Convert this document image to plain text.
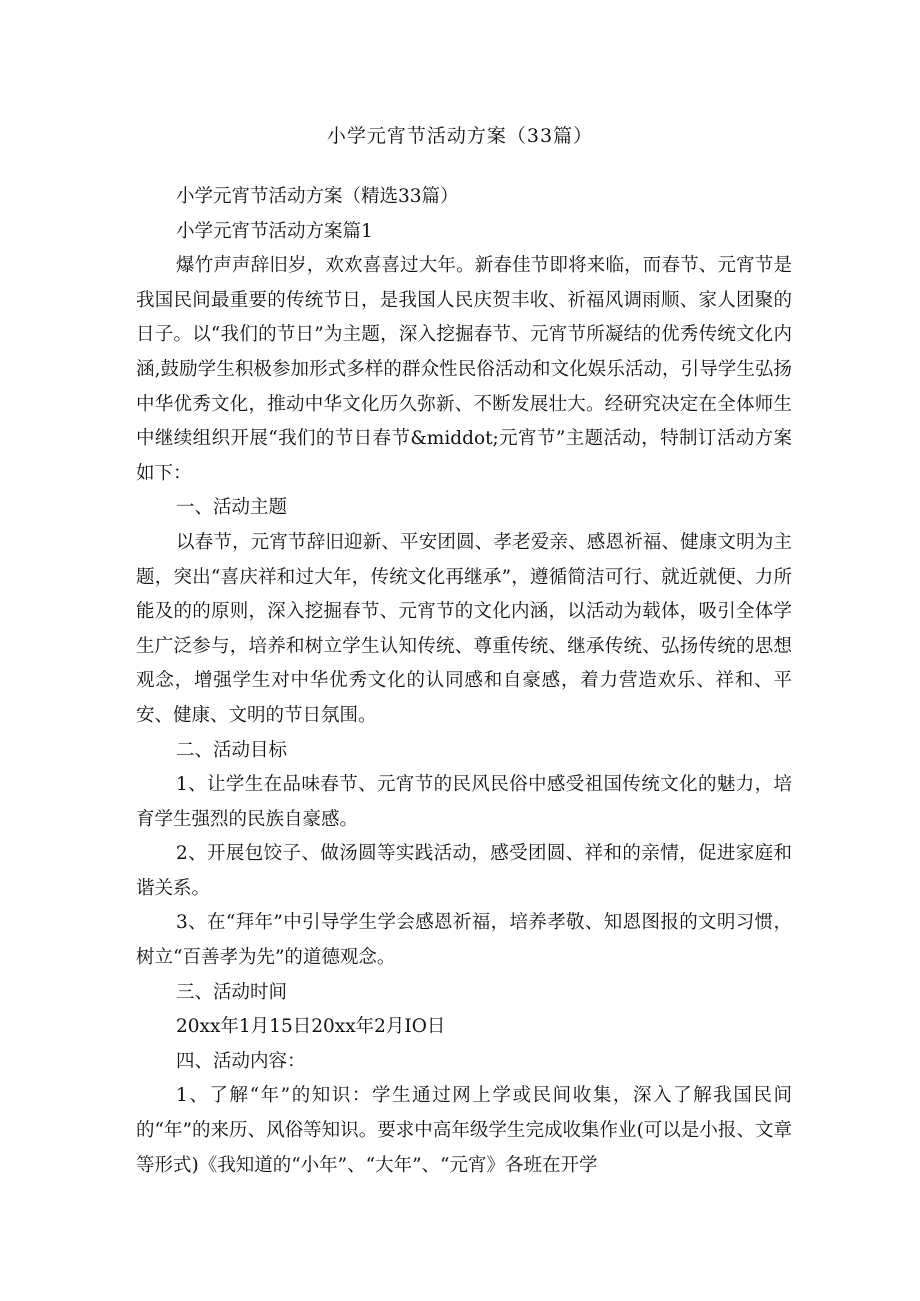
小学元宵节活动方案（33篇）

小学元宵节活动方案（精选33篇）

小学元宵节活动方案篇1

爆竹声声辞旧岁，欢欢喜喜过大年。新春佳节即将来临，而春节、元宵节是我国民间最重要的传统节日，是我国人民庆贺丰收、祈福风调雨顺、家人团聚的日子。以“我们的节日”为主题，深入挖掘春节、元宵节所凝结的优秀传统文化内涵,鼓励学生积极参加形式多样的群众性民俗活动和文化娱乐活动，引导学生弘扬中华优秀文化，推动中华文化历久弥新、不断发展壮大。经研究决定在全体师生中继续组织开展“我们的节日春节&middot;元宵节”主题活动，特制订活动方案如下：

一、活动主题

以春节，元宵节辞旧迎新、平安团圆、孝老爱亲、感恩祈福、健康文明为主题，突出“喜庆祥和过大年，传统文化再继承”，遵循简洁可行、就近就便、力所能及的的原则，深入挖掘春节、元宵节的文化内涵，以活动为载体，吸引全体学生广泛参与，培养和树立学生认知传统、尊重传统、继承传统、弘扬传统的思想观念，增强学生对中华优秀文化的认同感和自豪感，着力营造欢乐、祥和、平安、健康、文明的节日氛围。

二、活动目标

1、让学生在品味春节、元宵节的民风民俗中感受祖国传统文化的魅力，培育学生强烈的民族自豪感。

2、开展包饺子、做汤圆等实践活动，感受团圆、祥和的亲情，促进家庭和谐关系。

3、在“拜年”中引导学生学会感恩祈福，培养孝敬、知恩图报的文明习惯，树立“百善孝为先”的道德观念。

三、活动时间

20xx年1月15日20xx年2月IO日

四、活动内容：

1、了解“年”的知识：学生通过网上学或民间收集，深入了解我国民间的“年”的来历、风俗等知识。要求中高年级学生完成收集作业(可以是小报、文章等形式)《我知道的“小年”、“大年”、“元宵》各班在开学
